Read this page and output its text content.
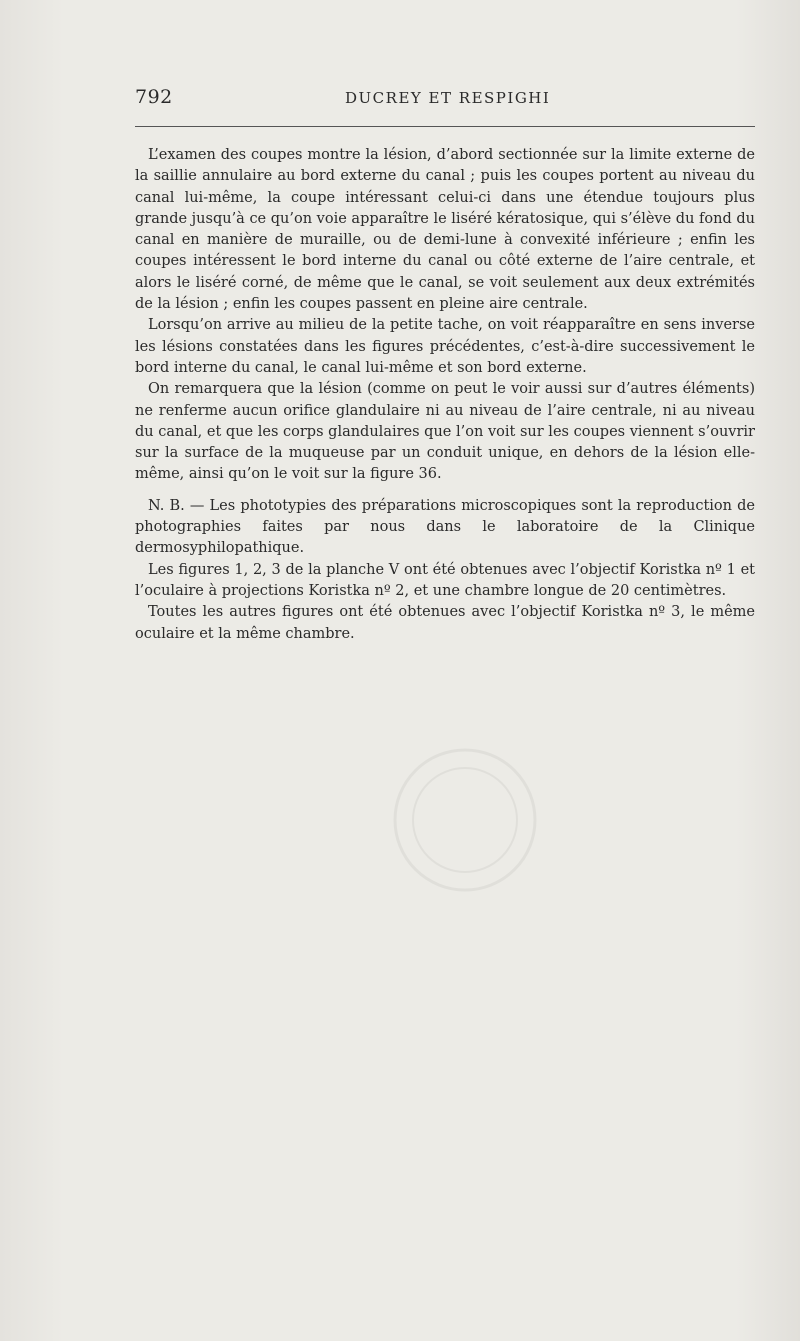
792	DUCREY ET RESPIGHI

L’examen des coupes montre la lésion, d’abord sectionnée sur la limite externe de la saillie annulaire au bord externe du canal ; puis les coupes portent au niveau du canal lui-même, la coupe intéressant celui-ci dans une étendue toujours plus grande jusqu’à ce qu’on voie apparaître le liséré kératosique, qui s’élève du fond du canal en manière de muraille, ou de demi-lune à convexité inférieure ; enfin les coupes intéressent le bord interne du canal ou côté externe de l’aire centrale, et alors le liséré corné, de même que le canal, se voit seulement aux deux extrémités de la lésion ; enfin les coupes passent en pleine aire centrale.

Lorsqu’on arrive au milieu de la petite tache, on voit réapparaître en sens inverse les lésions constatées dans les figures précédentes, c’est-à-dire successivement le bord interne du canal, le canal lui-même et son bord externe.

On remarquera que la lésion (comme on peut le voir aussi sur d’autres éléments) ne renferme aucun orifice glandulaire ni au niveau de l’aire centrale, ni au niveau du canal, et que les corps glandulaires que l’on voit sur les coupes viennent s’ouvrir sur la surface de la muqueuse par un conduit unique, en dehors de la lésion elle-même, ainsi qu’on le voit sur la figure 36.

N. B. — Les phototypies des préparations microscopiques sont la reproduction de photographies faites par nous dans le laboratoire de la Clinique dermosyphilopathique.

Les figures 1, 2, 3 de la planche V ont été obtenues avec l’objectif Koristka nº 1 et l’oculaire à projections Koristka nº 2, et une chambre longue de 20 centimètres.

Toutes les autres figures ont été obtenues avec l’objectif Koristka nº 3, le même oculaire et la même chambre.
